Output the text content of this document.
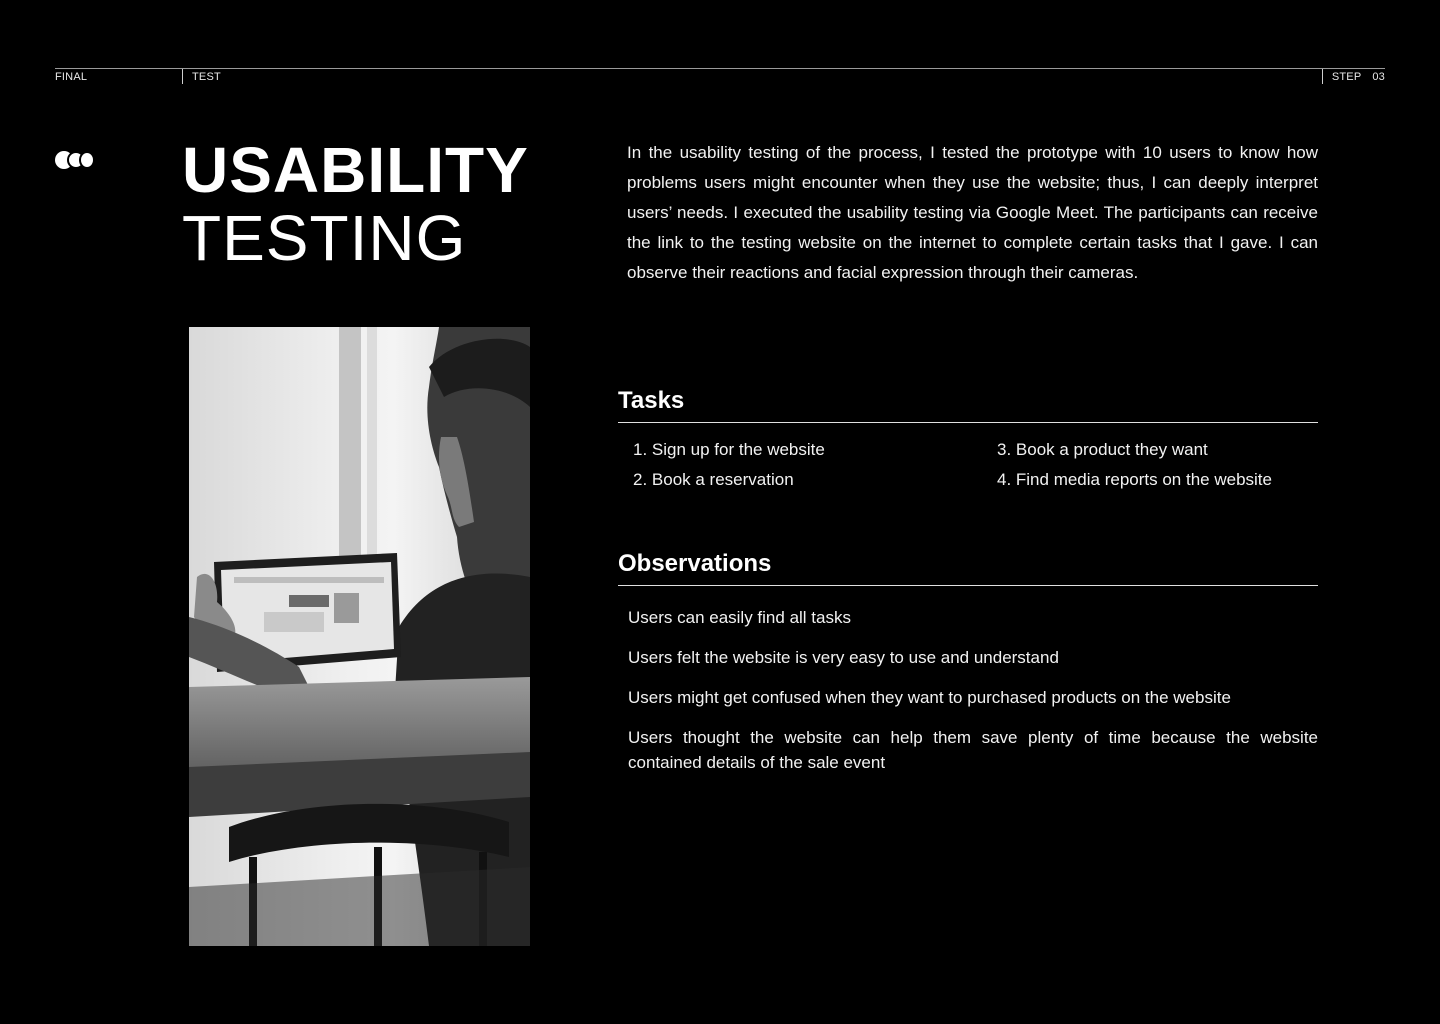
FINAL	TEST	STEP 03
USABILITY
TESTING

In the usability testing of the process, I tested the prototype with 10 users to know how problems users might encounter when they use the website; thus, I can deeply interpret users’ needs. I executed the usability testing via Google Meet. The participants can receive the link to the testing website on the internet to complete certain tasks that I gave. I can observe their reactions and facial expression through their cameras.

Tasks
1. Sign up for the website
2. Book a reservation
3. Book a product they want
4. Find media reports on the website
Observations

Users can easily find all tasks

Users felt the website is very easy to use and understand

Users might get confused when they want to purchased products on the website

Users thought the website can help them save plenty of time because the website contained details of the sale event
